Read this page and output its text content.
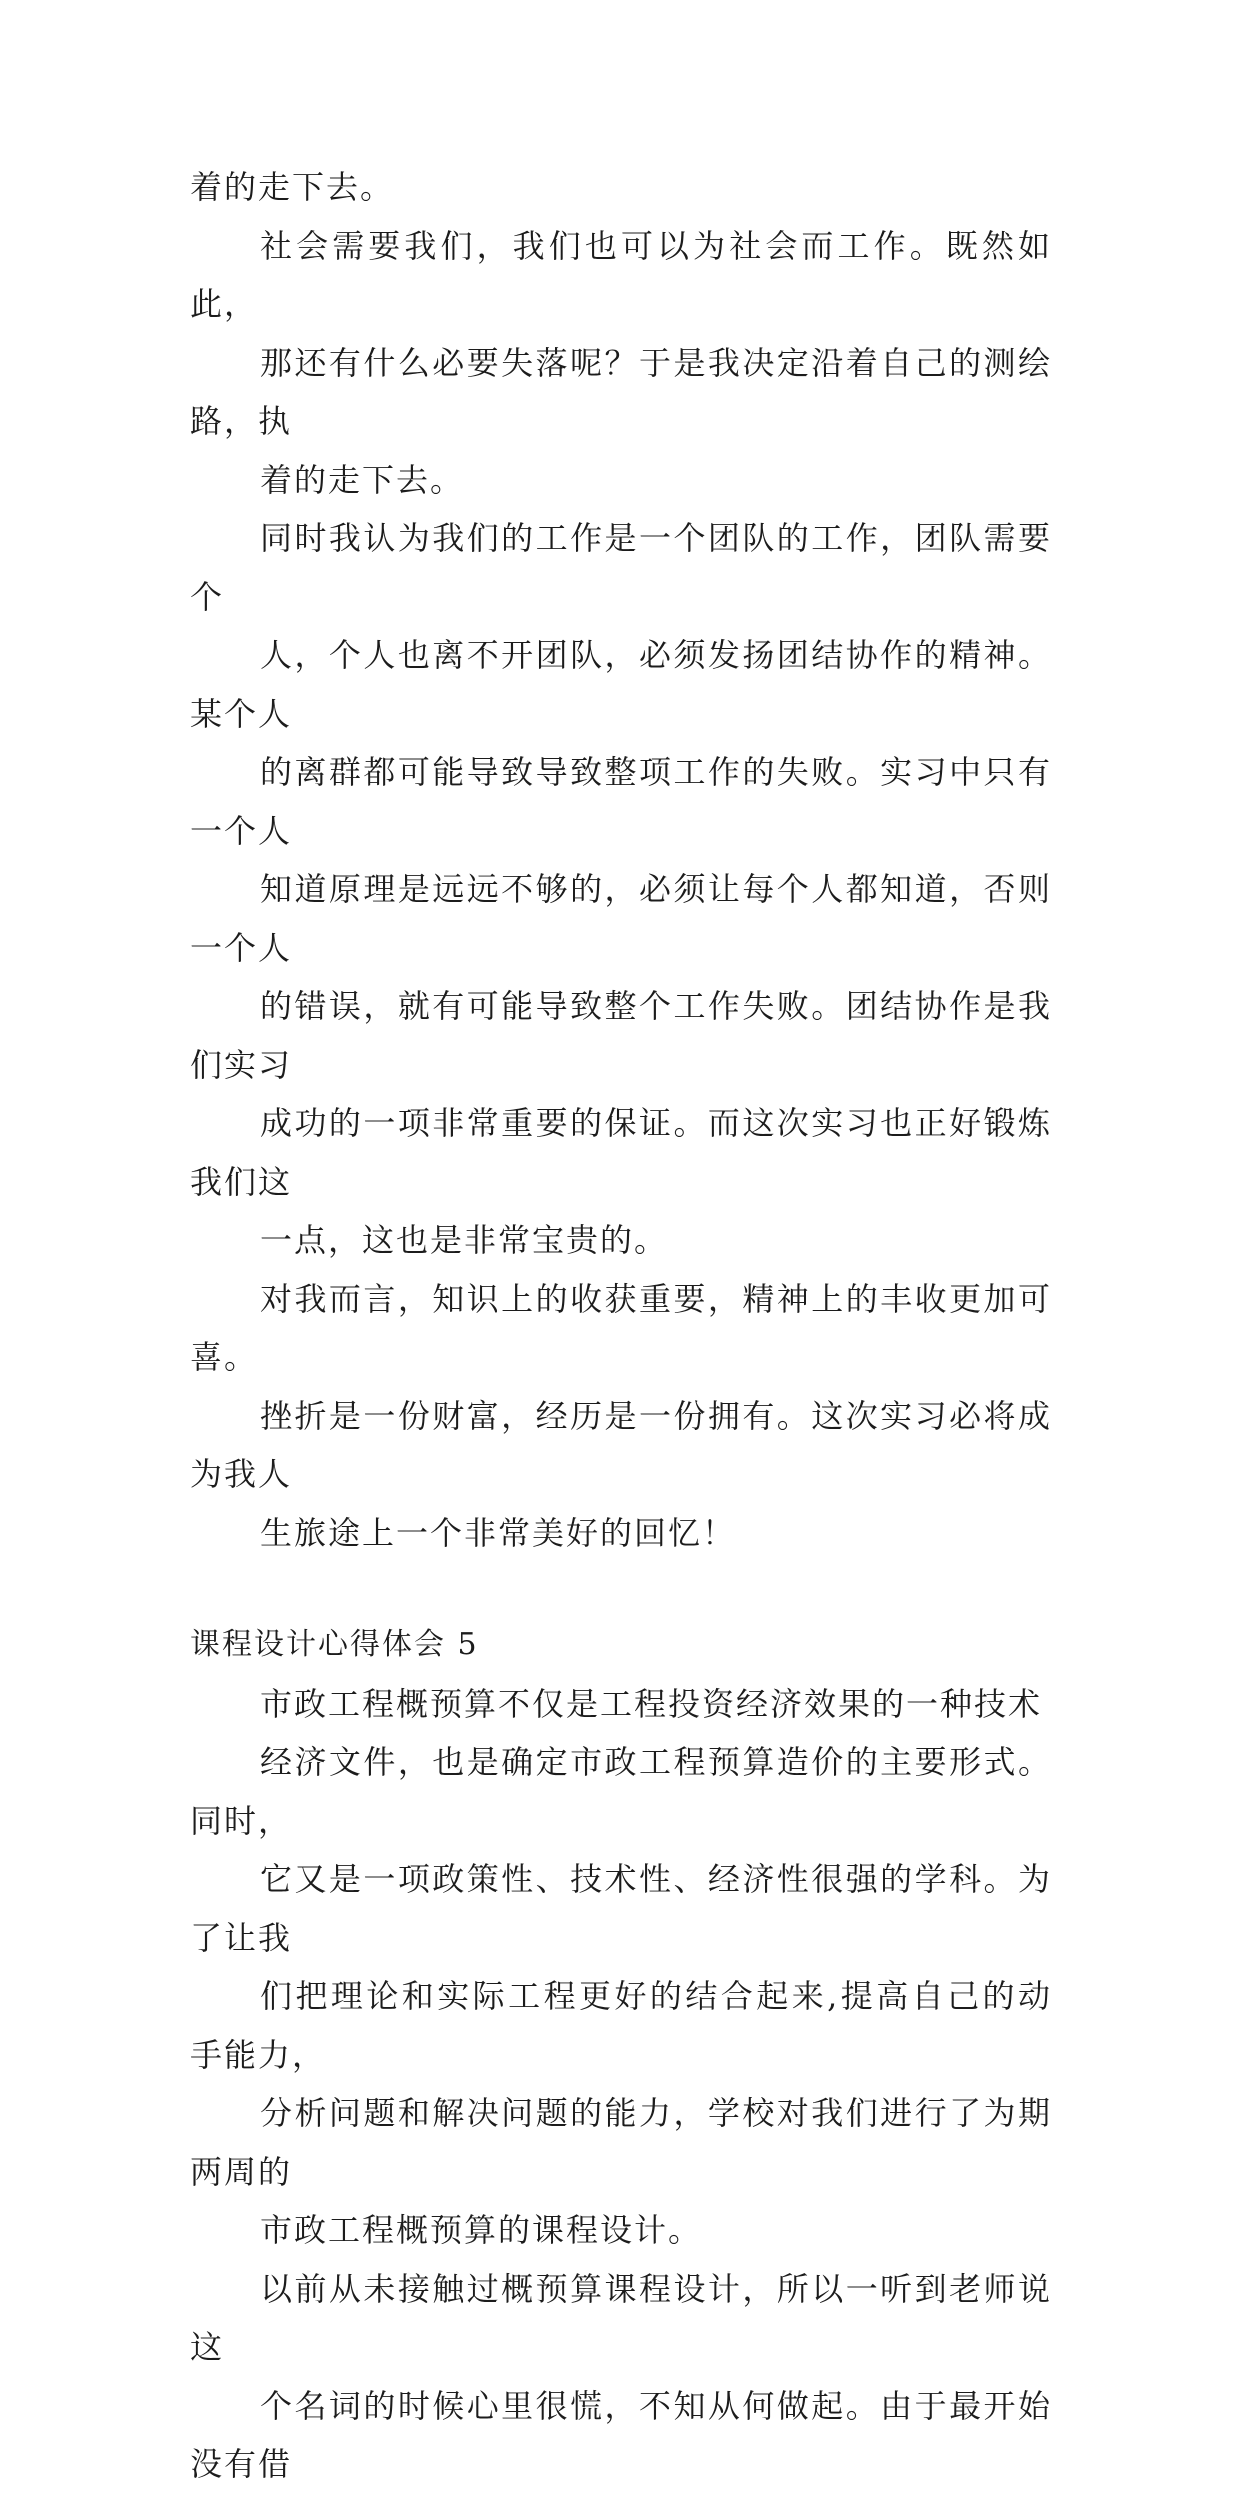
着的走下去。

社会需要我们，我们也可以为社会而工作。既然如此，
那还有什么必要失落呢？于是我决定沿着自己的测绘路，执
着的走下去。

同时我认为我们的工作是一个团队的工作，团队需要个
人，个人也离不开团队，必须发扬团结协作的精神。某个人
的离群都可能导致导致整项工作的失败。实习中只有一个人
知道原理是远远不够的，必须让每个人都知道，否则一个人
的错误，就有可能导致整个工作失败。团结协作是我们实习
成功的一项非常重要的保证。而这次实习也正好锻炼我们这
一点，这也是非常宝贵的。

对我而言，知识上的收获重要，精神上的丰收更加可喜。
挫折是一份财富，经历是一份拥有。这次实习必将成为我人
生旅途上一个非常美好的回忆！

课程设计心得体会 5

市政工程概预算不仅是工程投资经济效果的一种技术
经济文件，也是确定市政工程预算造价的主要形式。同时，
它又是一项政策性、技术性、经济性很强的学科。为了让我
们把理论和实际工程更好的结合起来,提高自己的动手能力，
分析问题和解决问题的能力，学校对我们进行了为期两周的
市政工程概预算的课程设计。

以前从未接触过概预算课程设计，所以一听到老师说这
个名词的时候心里很慌，不知从何做起。由于最开始没有借
